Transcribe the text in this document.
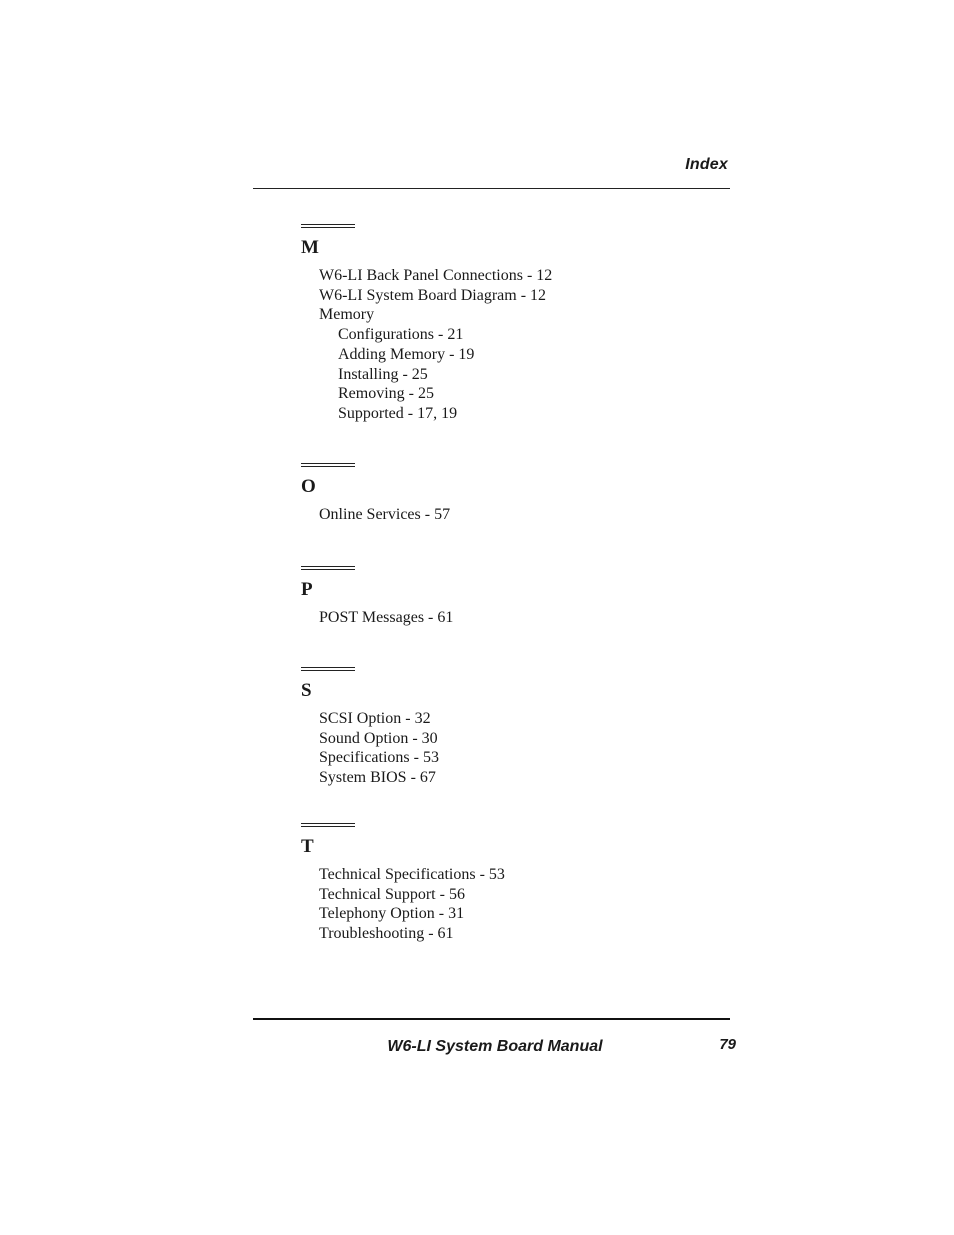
Index
M
W6-LI Back Panel Connections - 12
W6-LI System Board Diagram - 12
Memory
Configurations - 21
Adding Memory - 19
Installing - 25
Removing - 25
Supported - 17, 19
O
Online Services - 57
P
POST Messages - 61
S
SCSI Option - 32
Sound Option - 30
Specifications - 53
System BIOS - 67
T
Technical Specifications - 53
Technical Support - 56
Telephony Option - 31
Troubleshooting - 61
W6-LI System Board Manual	79
